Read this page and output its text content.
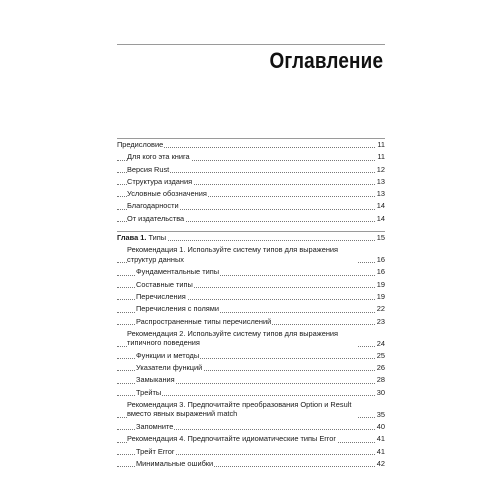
Оглавление
Предисловие	11
Для кого эта книга	11
Версия Rust	12
Структура издания	13
Условные обозначения	13
Благодарности	14
От издательства	14
Глава 1. Типы	15
Рекомендация 1. Используйте систему типов для выражения структур данных	16
Фундаментальные типы	16
Составные типы	19
Перечисления	19
Перечисления с полями	22
Распространенные типы перечислений	23
Рекомендация 2. Используйте систему типов для выражения типичного поведения	24
Функции и методы	25
Указатели функций	26
Замыкания	28
Трейты	30
Рекомендация 3. Предпочитайте преобразования Option и Result вместо явных выражений match	35
Запомните	40
Рекомендация 4. Предпочитайте идиоматические типы Error	41
Трейт Error	41
Минимальные ошибки	42
